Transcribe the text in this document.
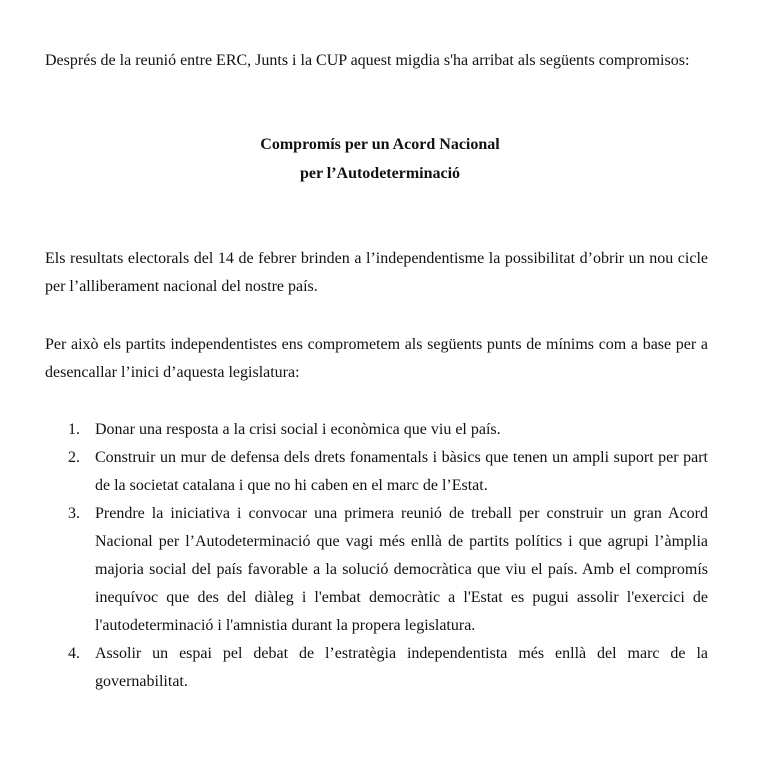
Després de la reunió entre ERC, Junts i la CUP aquest migdia s'ha arribat als següents compromisos:

Compromís per un Acord Nacional
per l’Autodeterminació

Els resultats electorals del 14 de febrer brinden a l’independentisme la possibilitat d’obrir un nou cicle per l’alliberament nacional del nostre país.

Per això els partits independentistes ens comprometem als següents punts de mínims com a base per a desencallar l’inici d’aquesta legislatura:

1. Donar una resposta a la crisi social i econòmica que viu el país.
2. Construir un mur de defensa dels drets fonamentals i bàsics que tenen un ampli suport per part de la societat catalana i que no hi caben en el marc de l’Estat.
3. Prendre la iniciativa i convocar una primera reunió de treball per construir un gran Acord Nacional per l’Autodeterminació que vagi més enllà de partits polítics i que agrupi l’àmplia majoria social del país favorable a la solució democràtica que viu el país. Amb el compromís inequívoc que des del diàleg i l'embat democràtic a l'Estat es pugui assolir l'exercici de l'autodeterminació i l'amnistia durant la propera legislatura.
4. Assolir un espai pel debat de l’estratègia independentista més enllà del marc de la governabilitat.
